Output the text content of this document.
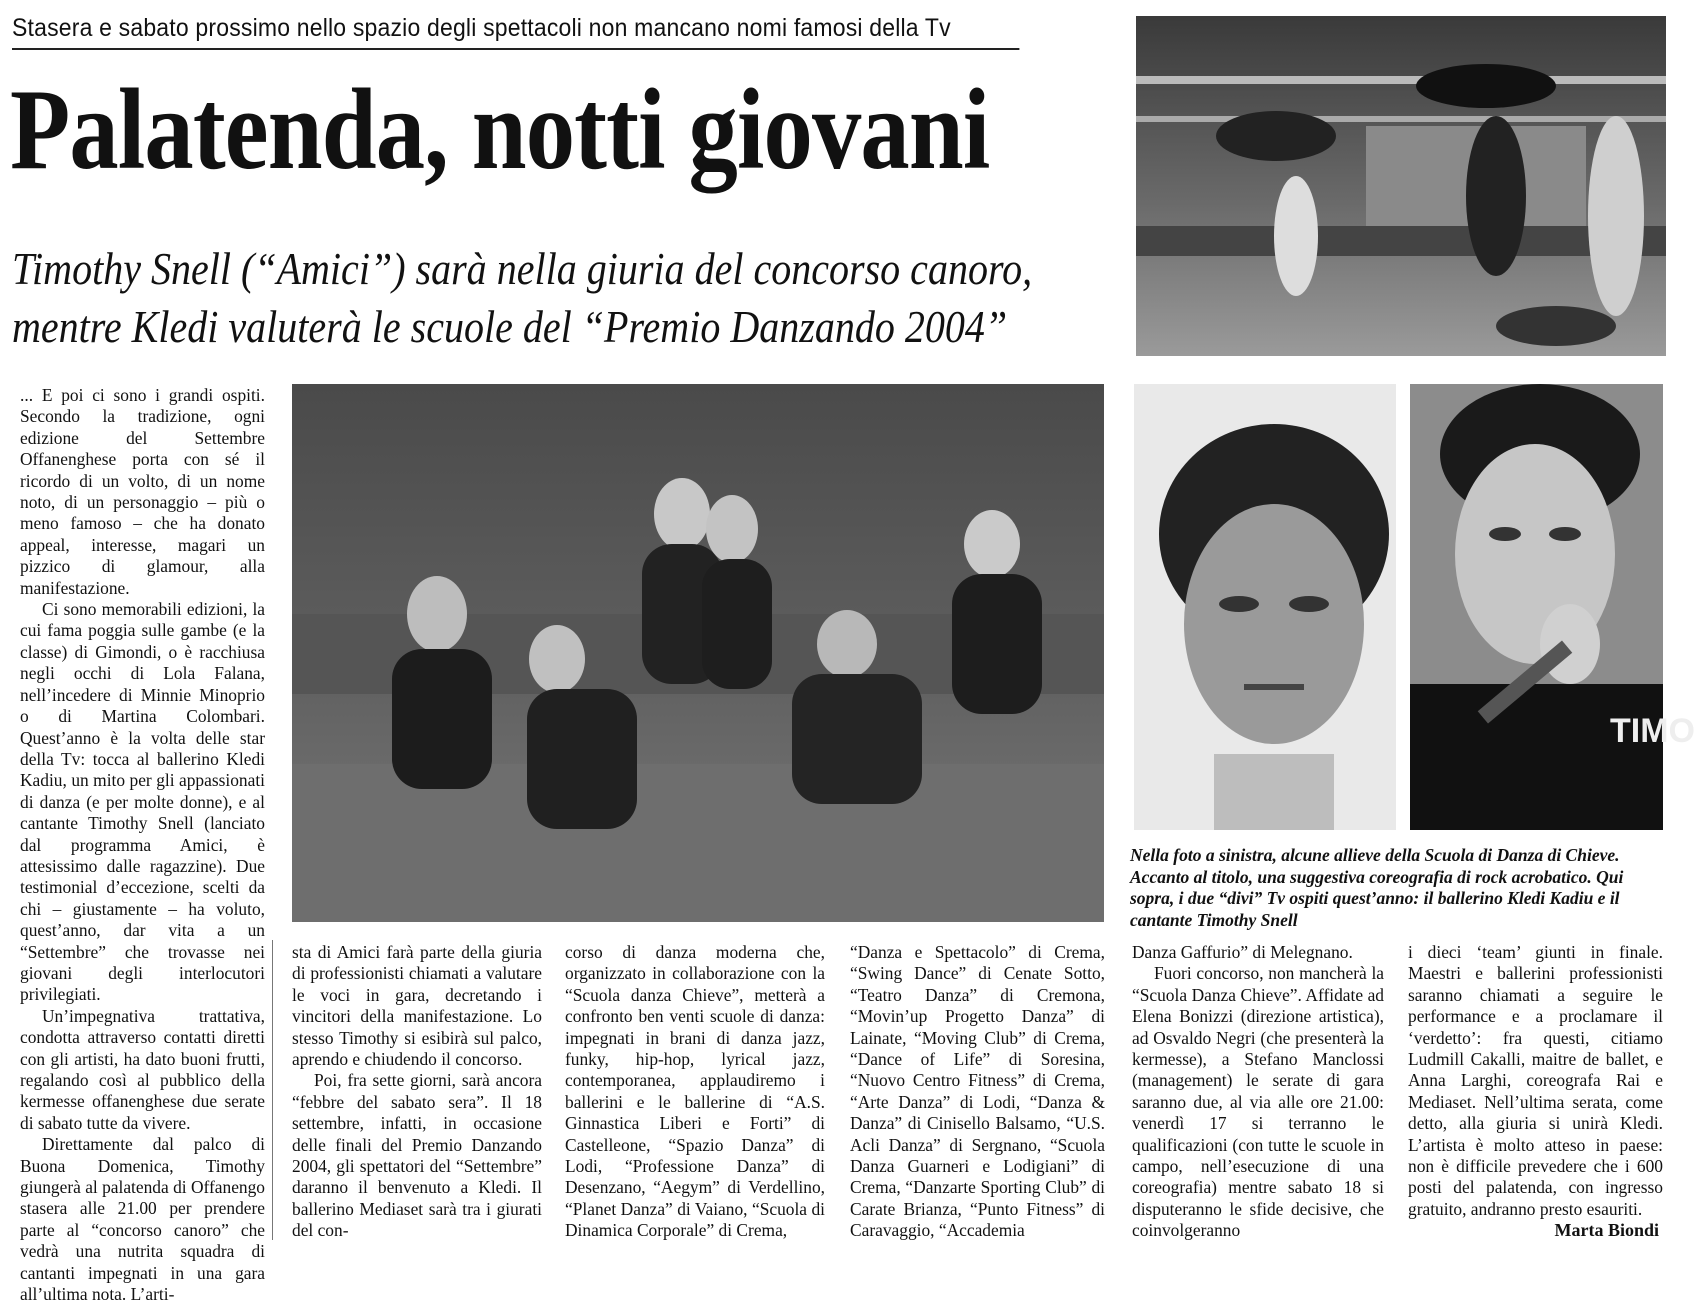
Stasera e sabato prossimo nello spazio degli spettacoli non mancano nomi famosi della Tv
Palatenda, notti giovani
Timothy Snell (“Amici”) sarà nella giuria del concorso canoro,
mentre Kledi valuterà le scuole del “Premio Danzando 2004”
TIMO
Nella foto a sinistra, alcune allieve della Scuola di Danza di Chieve. Accanto al titolo, una suggestiva coreografia di rock acrobatico. Qui sopra, i due “divi” Tv ospiti quest’anno: il ballerino Kledi Kadiu e il cantante Timothy Snell

... E poi ci sono i grandi ospiti. Secondo la tradizione, ogni edizione del Settembre Offanenghese porta con sé il ricordo di un volto, di un nome noto, di un personaggio – più o meno famoso – che ha donato appeal, interesse, magari un pizzico di glamour, alla manifestazione.

Ci sono memorabili edizioni, la cui fama poggia sulle gambe (e la classe) di Gimondi, o è racchiusa negli occhi di Lola Falana, nell’incedere di Minnie Minoprio o di Martina Colombari. Quest’anno è la volta delle star della Tv: tocca al ballerino Kledi Kadiu, un mito per gli appassionati di danza (e per molte donne), e al cantante Timothy Snell (lanciato dal programma Amici, è attesissimo dalle ragazzine). Due testimonial d’eccezione, scelti da chi – giustamente – ha voluto, quest’anno, dar vita a un “Settembre” che trovasse nei giovani degli interlocutori privilegiati.

Un’impegnativa trattativa, condotta attraverso contatti diretti con gli artisti, ha dato buoni frutti, regalando così al pubblico della kermesse offanenghese due serate di sabato tutte da vivere.

Direttamente dal palco di Buona Domenica, Timothy giungerà al palatenda di Offanengo stasera alle 21.00 per prendere parte al “concorso canoro” che vedrà una nutrita squadra di cantanti impegnati in una gara all’ultima nota. L’arti-

sta di Amici farà parte della giuria di professionisti chiamati a valutare le voci in gara, decretando i vincitori della manifestazione. Lo stesso Timothy si esibirà sul palco, aprendo e chiudendo il concorso.

Poi, fra sette giorni, sarà ancora “febbre del sabato sera”. Il 18 settembre, infatti, in occasione delle finali del Premio Danzando 2004, gli spettatori del “Settembre” daranno il benvenuto a Kledi. Il ballerino Mediaset sarà tra i giurati del con-

corso di danza moderna che, organizzato in collaborazione con la “Scuola danza Chieve”, metterà a confronto ben venti scuole di danza: impegnati in brani di danza jazz, funky, hip-hop, lyrical jazz, contemporanea, applaudiremo i ballerini e le ballerine di “A.S. Ginnastica Liberi e Forti” di Castelleone, “Spazio Danza” di Lodi, “Professione Danza” di Desenzano, “Aegym” di Verdellino, “Planet Danza” di Vaiano, “Scuola di Dinamica Corporale” di Crema,

“Danza e Spettacolo” di Crema, “Swing Dance” di Cenate Sotto, “Teatro Danza” di Cremona, “Movin’up Progetto Danza” di Lainate, “Moving Club” di Crema, “Dance of Life” di Soresina, “Nuovo Centro Fitness” di Crema, “Arte Danza” di Lodi, “Danza & Danza” di Cinisello Balsamo, “U.S. Acli Danza” di Sergnano, “Scuola Danza Guarneri e Lodigiani” di Crema, “Danzarte Sporting Club” di Carate Brianza, “Punto Fitness” di Caravaggio, “Accademia

Danza Gaffurio” di Melegnano.

Fuori concorso, non mancherà la “Scuola Danza Chieve”. Affidate ad Elena Bonizzi (direzione artistica), ad Osvaldo Negri (che presenterà la kermesse), a Stefano Manclossi (management) le serate di gara saranno due, al via alle ore 21.00: venerdì 17 si terranno le qualificazioni (con tutte le scuole in campo, nell’esecuzione di una coreografia) mentre sabato 18 si disputeranno le sfide decisive, che coinvolgeranno

i dieci ‘team’ giunti in finale. Maestri e ballerini professionisti saranno chiamati a seguire le performance e a proclamare il ‘verdetto’: fra questi, citiamo Ludmill Cakalli, maitre de ballet, e Anna Larghi, coreografa Rai e Mediaset. Nell’ultima serata, come detto, alla giuria si unirà Kledi. L’artista è molto atteso in paese: non è difficile prevedere che i 600 posti del palatenda, con ingresso gratuito, andranno presto esauriti.

Marta Biondi
